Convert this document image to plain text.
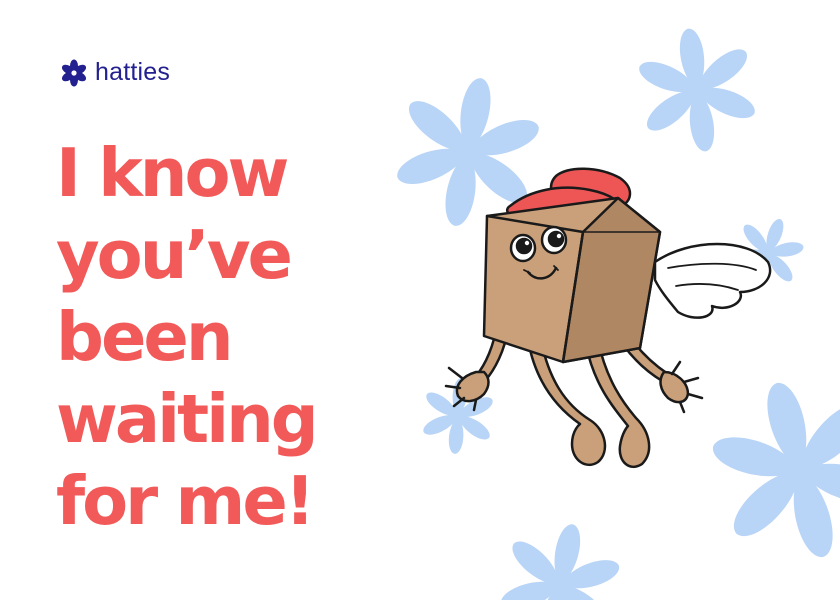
hatties
I know
you’ve
been
waiting
for me!
